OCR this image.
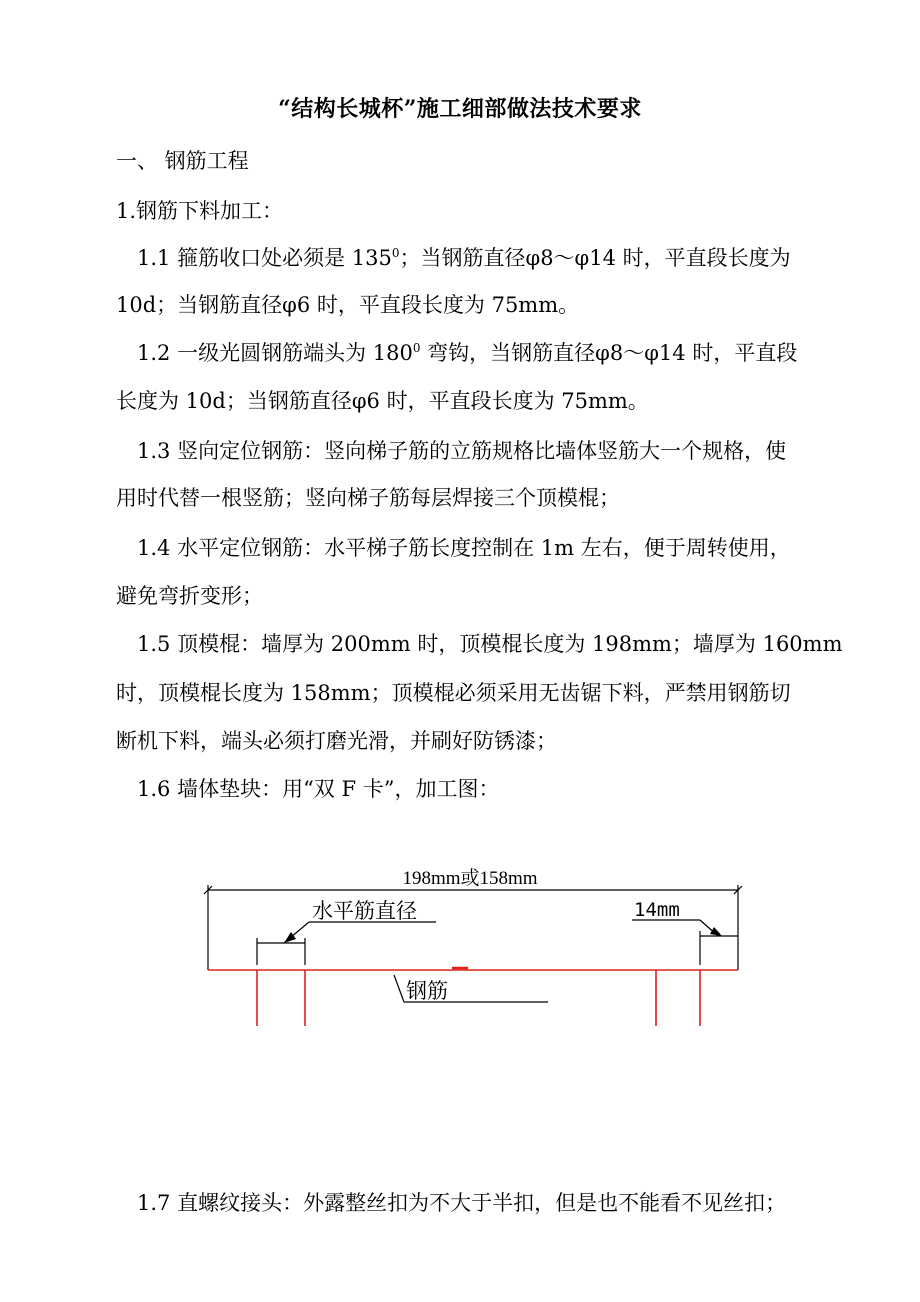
“结构长城杯”施工细部做法技术要求
一、 钢筋工程
1.钢筋下料加工：
1.1 箍筋收口处必须是 $135^0$；当钢筋直径φ8～φ14 时，平直段长度为
10d；当钢筋直径φ6 时，平直段长度为 75mm。
1.2 一级光圆钢筋端头为 $180^0$ 弯钩，当钢筋直径φ8～φ14 时，平直段
长度为 10d；当钢筋直径φ6 时，平直段长度为 75mm。
1.3 竖向定位钢筋：竖向梯子筋的立筋规格比墙体竖筋大一个规格，使
用时代替一根竖筋；竖向梯子筋每层焊接三个顶模棍；
1.4 水平定位钢筋：水平梯子筋长度控制在 1m 左右，便于周转使用，
避免弯折变形；
1.5 顶模棍：墙厚为 200mm 时，顶模棍长度为 198mm；墙厚为 160mm
时，顶模棍长度为 158mm；顶模棍必须采用无齿锯下料，严禁用钢筋切
断机下料，端头必须打磨光滑，并刷好防锈漆；
1.6 墙体垫块：用“双 F 卡”，加工图：
198mm或158mm
水平筋直径	14mm
钢筋
1.7 直螺纹接头：外露整丝扣为不大于半扣，但是也不能看不见丝扣；
